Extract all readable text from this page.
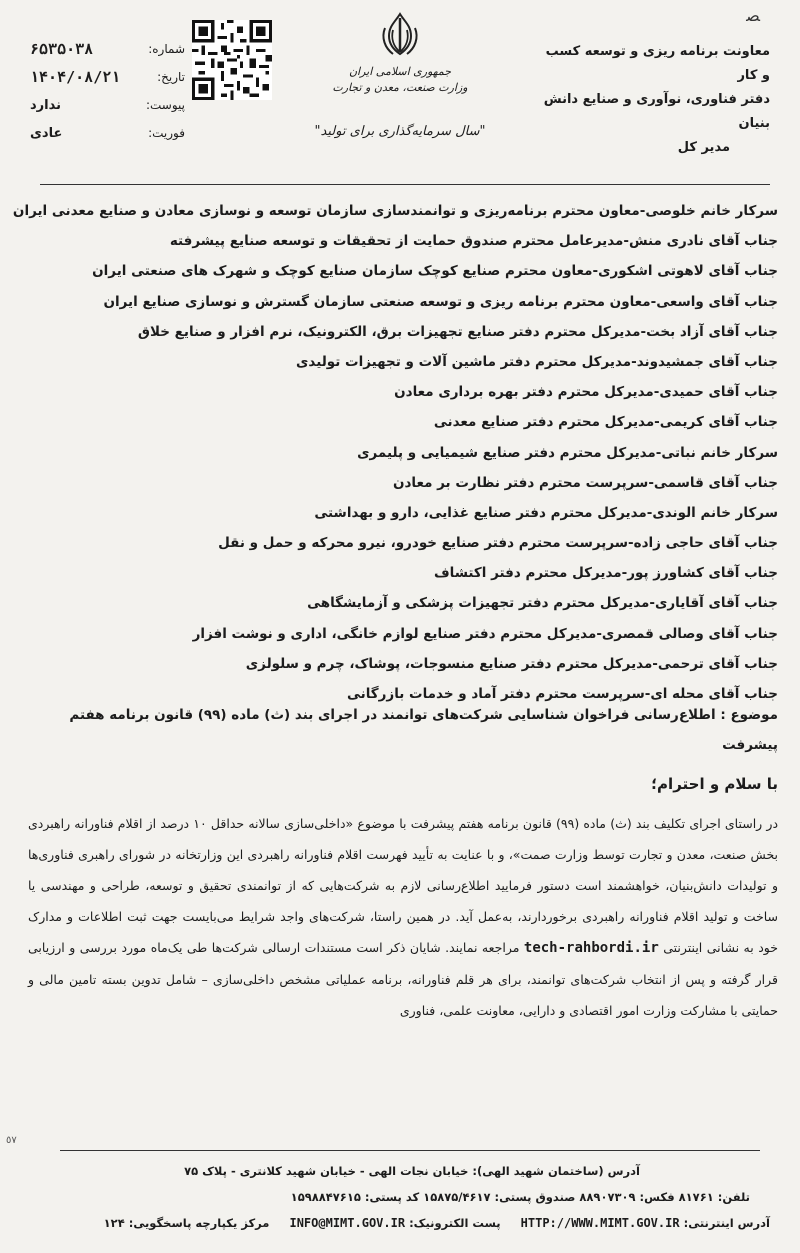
ﺼ
معاونت برنامه ریزی و توسعه کسب و کار
دفتر فناوری، نوآوری و صنایع دانش بنیان
مدیر کل
جمهوری اسلامی ایران
وزارت صنعت، معدن و تجارت
"سال سرمایه‌گذاری برای تولید"
شماره:
۶۵۳۵۰۳۸
تاریخ:
۱۴۰۴/۰۸/۲۱
پیوست:
ندارد
فوریت:
عادی
سرکار خانم خلوصی-معاون محترم برنامه‌ریزی و توانمندسازی سازمان توسعه و نوسازی معادن و صنایع معدنی ایران
جناب آقای نادری منش-مدیرعامل محترم صندوق حمایت از تحقیقات و توسعه صنایع پیشرفته
جناب آقای لاهوتی اشکوری-معاون محترم صنایع کوچک سازمان صنایع کوچک و شهرک های صنعتی ایران
جناب آقای واسعی-معاون محترم برنامه ریزی و توسعه صنعتی سازمان گسترش و نوسازی صنایع ایران
جناب آقای آزاد بخت-مدیرکل محترم دفتر صنایع تجهیزات برق، الکترونیک، نرم افزار و صنایع خلاق
جناب آقای جمشیدوند-مدیرکل محترم دفتر ماشین آلات و تجهیزات تولیدی
جناب آقای حمیدی-مدیرکل محترم دفتر بهره برداری معادن
جناب آقای کریمی-مدیرکل محترم دفتر صنایع معدنی
سرکار خانم نباتی-مدیرکل محترم دفتر صنایع شیمیایی و پلیمری
جناب آقای قاسمی-سرپرست محترم دفتر نظارت بر معادن
سرکار خانم الوندی-مدیرکل محترم دفتر صنایع غذایی، دارو و بهداشتی
جناب آقای حاجی زاده-سرپرست محترم دفتر صنایع خودرو، نیرو محرکه و حمل و نقل
جناب آقای کشاورز پور-مدیرکل محترم دفتر اکتشاف
جناب آقای آقایاری-مدیرکل محترم دفتر تجهیزات پزشکی و آزمایشگاهی
جناب آقای وصالی قمصری-مدیرکل محترم دفتر صنایع لوازم خانگی، اداری و نوشت افزار
جناب آقای ترحمی-مدیرکل محترم دفتر صنایع منسوجات، پوشاک، چرم و سلولزی
جناب آقای محله ای-سرپرست محترم دفتر آماد و خدمات بازرگانی
موضوع : اطلاع‌رسانی فراخوان شناسایی شرکت‌های توانمند در اجرای بند (ث) ماده (۹۹) قانون برنامه هفتم پیشرفت
با سلام و احترام؛
در راستای اجرای تکلیف بند (ث) ماده (۹۹) قانون برنامه هفتم پیشرفت با موضوع «داخلی‌سازی سالانه حداقل ۱۰ درصد از اقلام فناورانه راهبردی بخش صنعت، معدن و تجارت توسط وزارت صمت»، و با عنایت به تأیید فهرست اقلام فناورانه راهبردی این وزارتخانه در شورای راهبری فناوری‌ها و تولیدات دانش‌بنیان، خواهشمند است دستور فرمایید اطلاع‌رسانی لازم به شرکت‌هایی که از توانمندی تحقیق و توسعه، طراحی و مهندسی یا ساخت و تولید اقلام فناورانه راهبردی برخوردارند، به‌عمل آید. در همین راستا، شرکت‌های واجد شرایط می‌بایست جهت ثبت اطلاعات و مدارک خود به نشانی اینترنتی tech-rahbordi.ir مراجعه نمایند. شایان ذکر است مستندات ارسالی شرکت‌ها طی یک‌ماه مورد بررسی و ارزیابی قرار گرفته و پس از انتخاب شرکت‌های توانمند، برای هر قلم فناورانه، برنامه عملیاتی مشخص داخلی‌سازی – شامل تدوین بسته تامین مالی و حمایتی با مشارکت وزارت امور اقتصادی و دارایی، معاونت علمی، فناوری
٥٧
آدرس (ساختمان شهید الهی): خیابان نجات الهی - خیابان شهید کلانتری - پلاک ۷۵
تلفن: ۸۱۷۶۱ فکس: ۸۸۹۰۷۳۰۹ صندوق پستی: ۱۵۸۷۵/۴۶۱۷ کد پستی: ۱۵۹۸۸۴۷۶۱۵
آدرس اینترنتی: HTTP://WWW.MIMT.GOV.IR     پست الکترونیک: INFO@MIMT.GOV.IR     مرکز یکپارچه پاسخگویی: ۱۲۴
